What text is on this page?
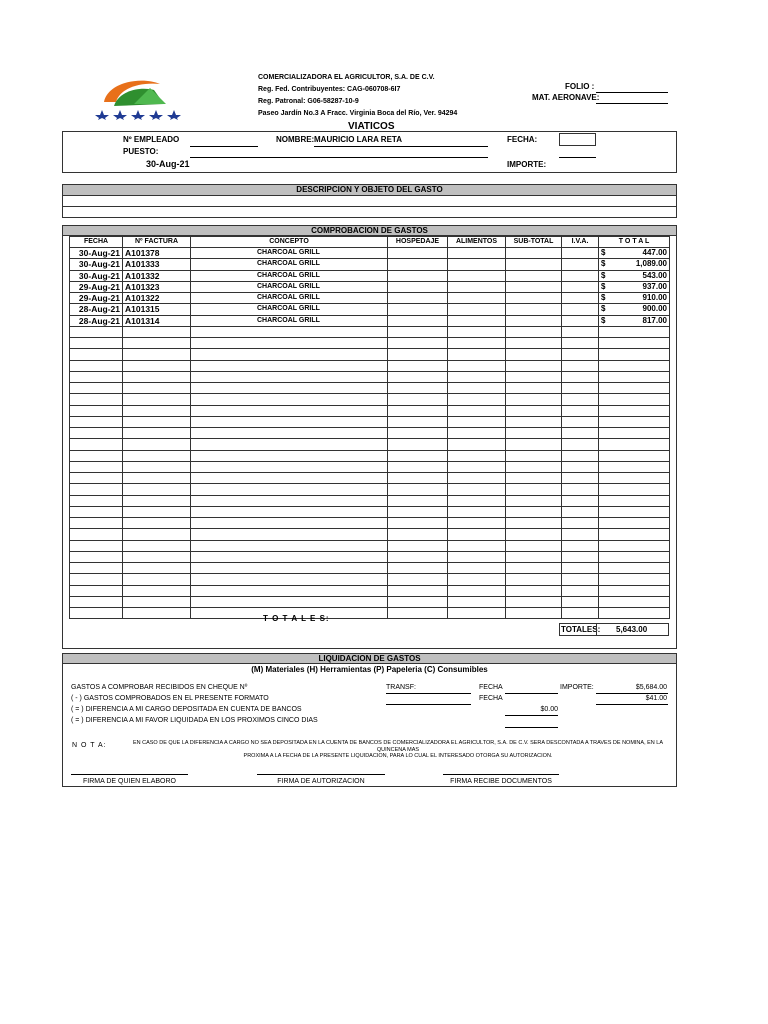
COMERCIALIZADORA EL AGRICULTOR, S.A. DE C.V.
Reg. Fed. Contribuyentes: CAG-060708-6I7
Reg. Patronal: G06-58287-10-9
Paseo Jardín No.3 A Fracc. Virginia Boca del Río, Ver. 94294
FOLIO :
MAT. AERONAVE:
VIATICOS
Nº EMPLEADO	NOMBRE: MAURICIO LARA RETA	FECHA:
PUESTO:
30-Aug-21	IMPORTE:
DESCRIPCION Y OBJETO DEL GASTO
COMPROBACION DE GASTOS
FECHA	Nº FACTURA	CONCEPTO	HOSPEDAJE	ALIMENTOS	SUB-TOTAL	I.V.A.	T O T A L
30-Aug-21	A101378	CHARCOAL GRILL					$ 447.00

30-Aug-21	A101333	CHARCOAL GRILL					$ 1,089.00

30-Aug-21	A101332	CHARCOAL GRILL					$ 543.00

29-Aug-21	A101323	CHARCOAL GRILL					$ 937.00

29-Aug-21	A101322	CHARCOAL GRILL					$ 910.00

28-Aug-21	A101315	CHARCOAL GRILL					$ 900.00

28-Aug-21	A101314	CHARCOAL GRILL					$ 817.00

T O T A L E S:
TOTALES: 5,643.00
LIQUIDACION DE GASTOS
(M) Materiales (H) Herramientas (P) Papeleria (C) Consumibles
GASTOS A COMPROBAR RECIBIDOS EN CHEQUE Nº	TRANSF:	FECHA	IMPORTE:	$5,684.00
( - ) GASTOS COMPROBADOS EN EL PRESENTE FORMATO	FECHA	$41.00
( = ) DIFERENCIA A MI CARGO DEPOSITADA EN CUENTA DE BANCOS	$0.00
( = ) DIFERENCIA A MI FAVOR LIQUIDADA EN LOS PROXIMOS CINCO DIAS
N O T A:	EN CASO DE QUE LA DIFERENCIA A CARGO NO SEA DEPOSITADA EN LA CUENTA DE BANCOS DE COMERCIALIZADORA EL AGRICULTOR, S.A. DE C.V. SERA DESCONTADA A TRAVES DE NOMINA, EN LA QUINCENA MAS
PROXIMA A LA FECHA DE LA PRESENTE LIQUIDACION, PARA LO CUAL EL INTERESADO OTORGA SU AUTORIZACION.
FIRMA DE QUIEN ELABORO	FIRMA DE AUTORIZACION	FIRMA RECIBE DOCUMENTOS
